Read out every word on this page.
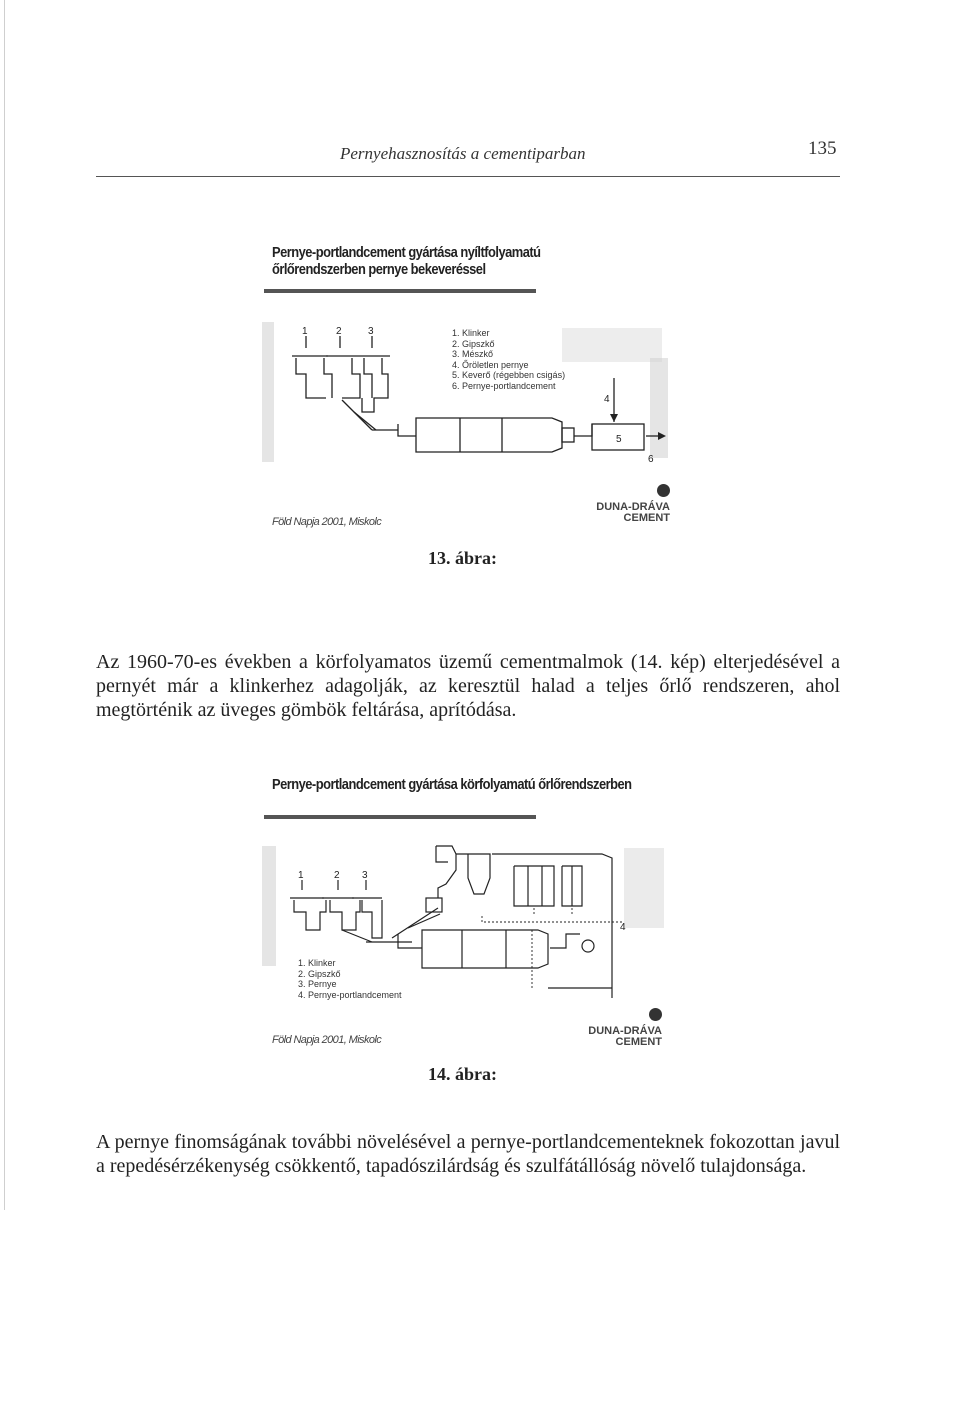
Pernyehasznosítás a cementiparban	135
Pernye-portlandcement gyártása nyíltfolyamatú
őrlőrendszerben pernye bekeveréssel
1	2	3
4
5
6
1. Klinker
2. Gipszkő
3. Mészkő
4. Őröletlen pernye
5. Keverő (régebben csigás)
6. Pernye-portlandcement
Föld Napja 2001, Miskolc
DUNA-DRÁVA
CEMENT
13. ábra:
Az 1960-70-es években a körfolyamatos üzemű cementmalmok (14. kép) elterjedésével a pernyét már a klinkerhez adagolják, az keresztül halad a teljes őrlő rendszeren, ahol megtörténik az üveges gömbök feltárása, aprítódása.
Pernye-portlandcement gyártása körfolyamatú őrlőrendszerben
1	2 3
4
1. Klinker
2. Gipszkő
3. Pernye
4. Pernye-portlandcement
Föld Napja 2001, Miskolc
DUNA-DRÁVA
CEMENT
14. ábra:
A pernye finomságának további növelésével a pernye-portlandcementeknek fokozottan javul a repedésérzékenység csökkentő, tapadószilárdság és szulfátállóság növelő tulajdonsága.
